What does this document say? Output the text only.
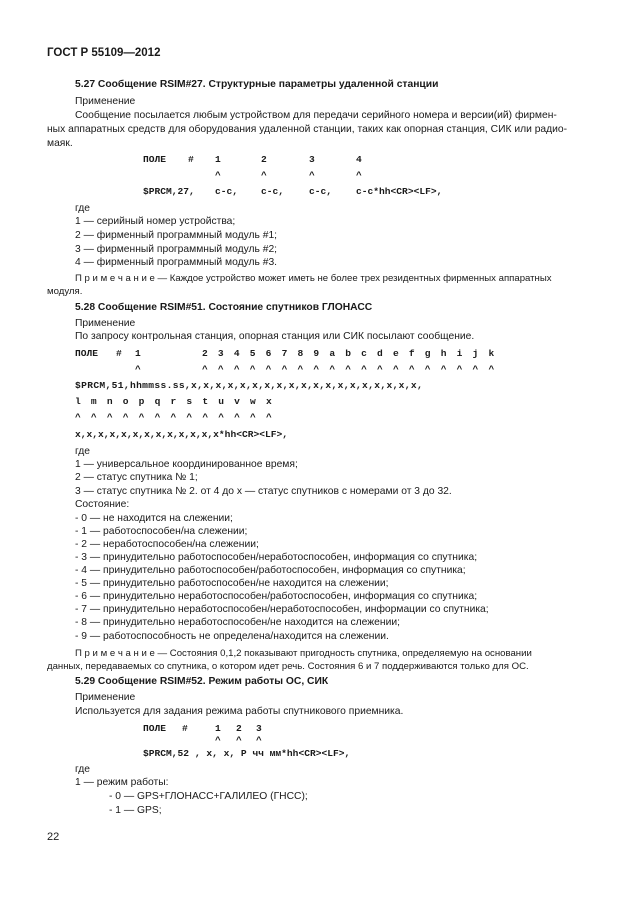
ГОСТ Р 55109—2012
5.27 Сообщение RSIM#27. Структурные параметры удаленной станции
Применение
Сообщение посылается любым устройством для передачи серийного номера и версии(ий) фирмен-
ных аппаратных средств для оборудования удаленной станции, таких как опорная станция, СИК или радио-
маяк.
ПОЛЕ # 1	2	3	4
^	^	^	^
$PRCM,27, c-c, c-c,	c-c, c-c*hh<CR><LF>,
где
1 — серийный номер устройства;
2 — фирменный программный модуль #1;
3 — фирменный программный модуль #2;
4 — фирменный программный модуль #3.
П р и м е ч а н и е — Каждое устройство может иметь не более трех резидентных фирменных аппаратных
модуля.
5.28 Сообщение RSIM#51. Состояние спутников ГЛОНАСС
Применение
По запросу контрольная станция, опорная станция или СИК посылают сообщение.
ПОЛЕ # 1	2 3 4 5 6 7 8 9 a b c d e f g h i j k
^	^ ^ ^ ^ ^ ^ ^ ^ ^ ^ ^ ^ ^ ^ ^ ^ ^ ^ ^
$PRCM,51,hhmmss.ss,x,x,x,x,x,x,x,x,x,x,x,x,x,x,x,x,x,x,x,
l m n o p q r s t u v w x
^ ^ ^ ^ ^ ^ ^ ^ ^ ^ ^ ^ ^
x,x,x,x,x,x,x,x,x,x,x,x,x*hh<CR><LF>,
где
1 — универсальное координированное время;
2 — статус спутника № 1;
3 — статус спутника № 2. от 4 до x — статус спутников с номерами от 3 до 32.
Состояние:
- 0 — не находится на слежении;
- 1 — работоспособен/на слежении;
- 2 — неработоспособен/на слежении;
- 3 — принудительно работоспособен/неработоспособен, информация со спутника;
- 4 — принудительно работоспособен/работоспособен, информация со спутника;
- 5 — принудительно работоспособен/не находится на слежении;
- 6 — принудительно неработоспособен/работоспособен, информация со спутника;
- 7 — принудительно неработоспособен/неработоспособен, информации со спутника;
- 8 — принудительно неработоспособен/не находится на слежении;
- 9 — работоспособность не определена/находится на слежении.
П р и м е ч а н и е — Состояния 0,1,2 показывают пригодность спутника, определяемую на основании
данных, передаваемых со спутника, о котором идет речь. Состояния 6 и 7 поддерживаются только для ОС.
5.29 Сообщение RSIM#52. Режим работы ОС, СИК
Применение
Используется для задания режима работы спутникового приемника.
ПОЛЕ #	1 2 3
^ ^ ^
$PRCM,52 , x, x, P чч мм*hh<CR><LF>,
где
1 — режим работы:
- 0 — GPS+ГЛОНАСС+ГАЛИЛЕО (ГНСС);
- 1 — GPS;
22
